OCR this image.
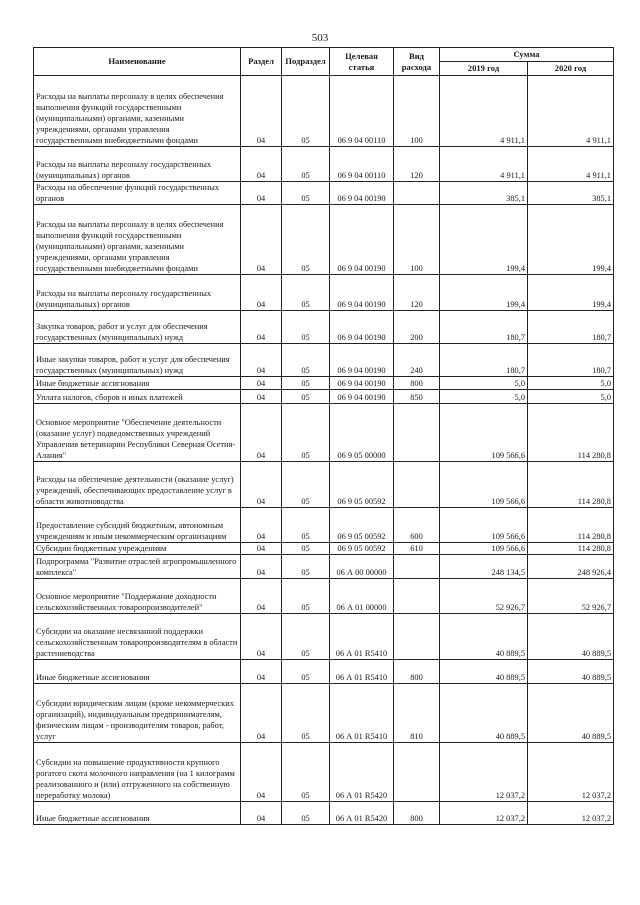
503
Наименование	Раздел	Подраздел	Целевая статья	Вид расхода	Сумма	
					2019 год	2020 год
Расходы на выплаты персоналу в целях обеспечения выполнения функций государственными (муниципальными) органами, казенными учреждениями, органами управления государственными внебюджетными фондами	04	05	06 9 04 00110	100	4 911,1	4 911,1
Расходы на выплаты персоналу государственных (муниципальных) органов	04	05	06 9 04 00110	120	4 911,1	4 911,1
Расходы на обеспечение функций государственных органов	04	05	06 9 04 00190		385,1	385,1
Расходы на выплаты персоналу в целях обеспечения выполнения функций государственными (муниципальными) органами, казенными учреждениями, органами управления государственными внебюджетными фондами	04	05	06 9 04 00190	100	199,4	199,4
Расходы на выплаты персоналу государственных (муниципальных) органов	04	05	06 9 04 00190	120	199,4	199,4
Закупка товаров, работ и услуг для обеспечения государственных (муниципальных) нужд	04	05	06 9 04 00190	200	180,7	180,7
Иные закупки товаров, работ и услуг для обеспечения государственных (муниципальных) нужд	04	05	06 9 04 00190	240	180,7	180,7
Иные бюджетные ассигнования	04	05	06 9 04 00190	800	5,0	5,0
Уплата налогов, сборов и иных платежей	04	05	06 9 04 00190	850	5,0	5,0
Основное мероприятие "Обеспечение деятельности (оказание услуг) подведомственных учреждений Управления ветеринарии Республики Северная Осетия-Алания"	04	05	06 9 05 00000		109 566,6	114 280,8
Расходы на обеспечение деятельности (оказание услуг) учреждений, обеспечивающих предоставление услуг в области животноводства	04	05	06 9 05 00592		109 566,6	114 280,8
Предоставление субсидий бюджетным, автономным учреждениям и иным некоммерческим организациям	04	05	06 9 05 00592	600	109 566,6	114 280,8
Субсидии бюджетным учреждениям	04	05	06 9 05 00592	610	109 566,6	114 280,8
Подпрограмма "Развитие отраслей агропромышленного комплекса"	04	05	06 А 00 00000		248 134,5	248 926,4
Основное мероприятие "Поддержание доходности сельскохозяйственных товаропроизводителей"	04	05	06 А 01 00000		52 926,7	52 926,7
Субсидии на оказание несвязанной поддержки сельскохозяйственным товаропроизводителям в области растениеводства	04	05	06 А 01 R5410		40 889,5	40 889,5
Иные бюджетные ассигнования	04	05	06 А 01 R5410	800	40 889,5	40 889,5
Субсидии юридическим лицам (кроме некоммерческих организаций), индивидуальным предпринимателям, физическим лицам - производителям товаров, работ, услуг	04	05	06 А 01 R5410	810	40 889,5	40 889,5
Субсидии на повышение продуктивности крупного рогатого скота молочного направления (на 1 килограмм реализованного и (или) отгруженного на собственную переработку молока)	04	05	06 А 01 R5420		12 037,2	12 037,2
Иные бюджетные ассигнования	04	05	06 А 01 R5420	800	12 037,2	12 037,2
